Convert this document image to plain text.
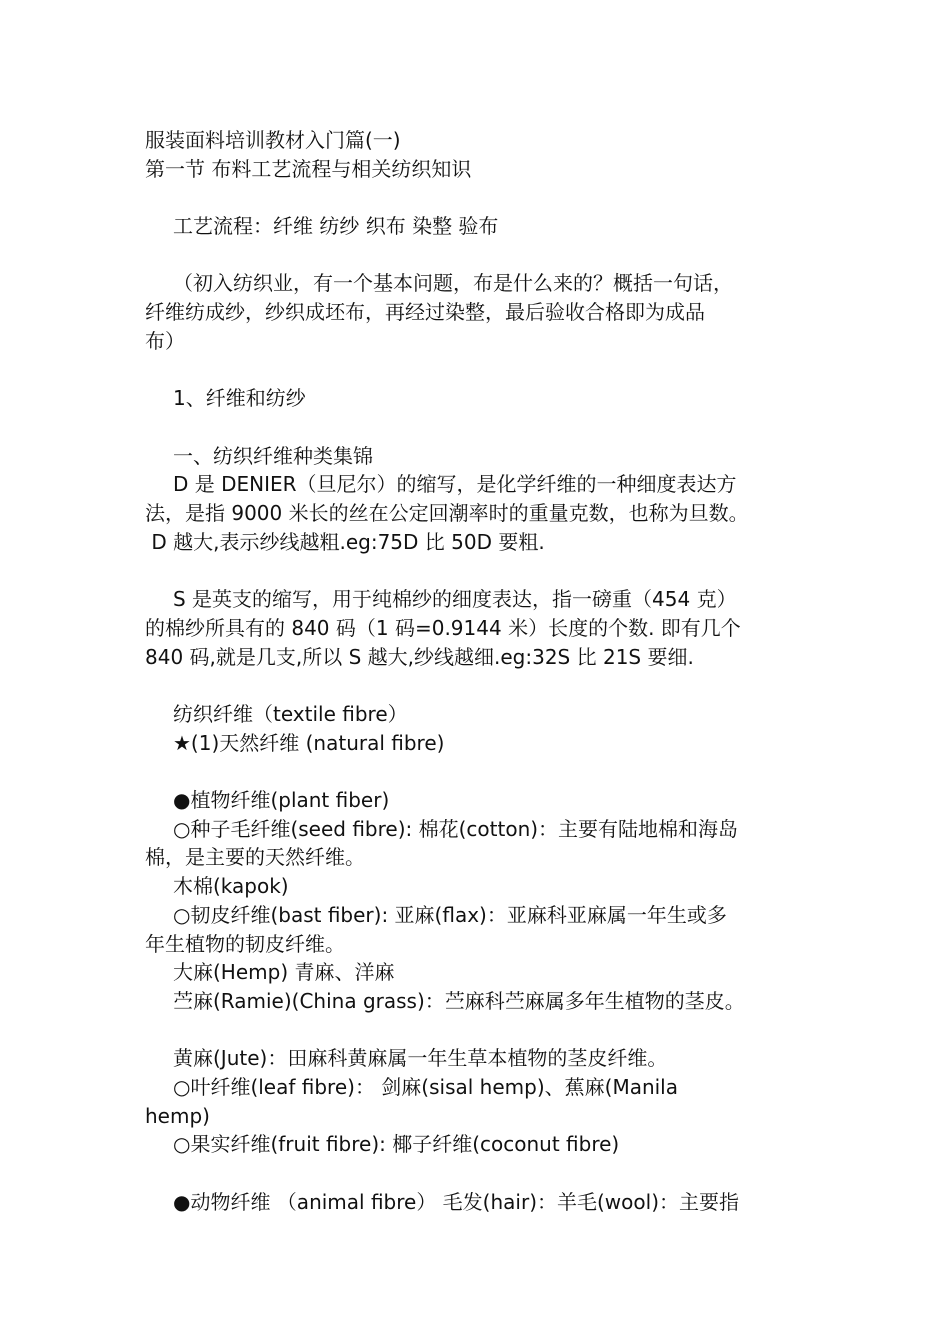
服装面料培训教材入门篇(一)
第一节 布料工艺流程与相关纺织知识
工艺流程：纤维 纺纱 织布 染整 验布
（初入纺织业，有一个基本问题，布是什么来的？概括一句话，
纤维纺成纱，纱织成坯布，再经过染整，最后验收合格即为成品
布）
1、纤维和纺纱
一、纺织纤维种类集锦
D 是 DENIER（旦尼尔）的缩写，是化学纤维的一种细度表达方
法，是指 9000 米长的丝在公定回潮率时的重量克数，也称为旦数。
D 越大,表示纱线越粗.eg:75D 比 50D 要粗.
S 是英支的缩写，用于纯棉纱的细度表达，指一磅重（454 克）
的棉纱所具有的 840 码（1 码=0.9144 米）长度的个数. 即有几个
840 码,就是几支,所以 S 越大,纱线越细.eg:32S 比 21S 要细.
纺织纤维（textile fibre）
★(1)天然纤维 (natural fibre)
●植物纤维(plant fiber)
○种子毛纤维(seed fibre): 棉花(cotton)：主要有陆地棉和海岛
棉，是主要的天然纤维。
木棉(kapok)
○韧皮纤维(bast fiber): 亚麻(flax)：亚麻科亚麻属一年生或多
年生植物的韧皮纤维。
大麻(Hemp) 青麻、洋麻
苎麻(Ramie)(China grass)：苎麻科苎麻属多年生植物的茎皮。
黄麻(Jute)：田麻科黄麻属一年生草本植物的茎皮纤维。
○叶纤维(leaf fibre)： 剑麻(sisal hemp)、蕉麻(Manila
hemp)
○果实纤维(fruit fibre): 椰子纤维(coconut fibre)
●动物纤维 （animal fibre） 毛发(hair)：羊毛(wool)：主要指
